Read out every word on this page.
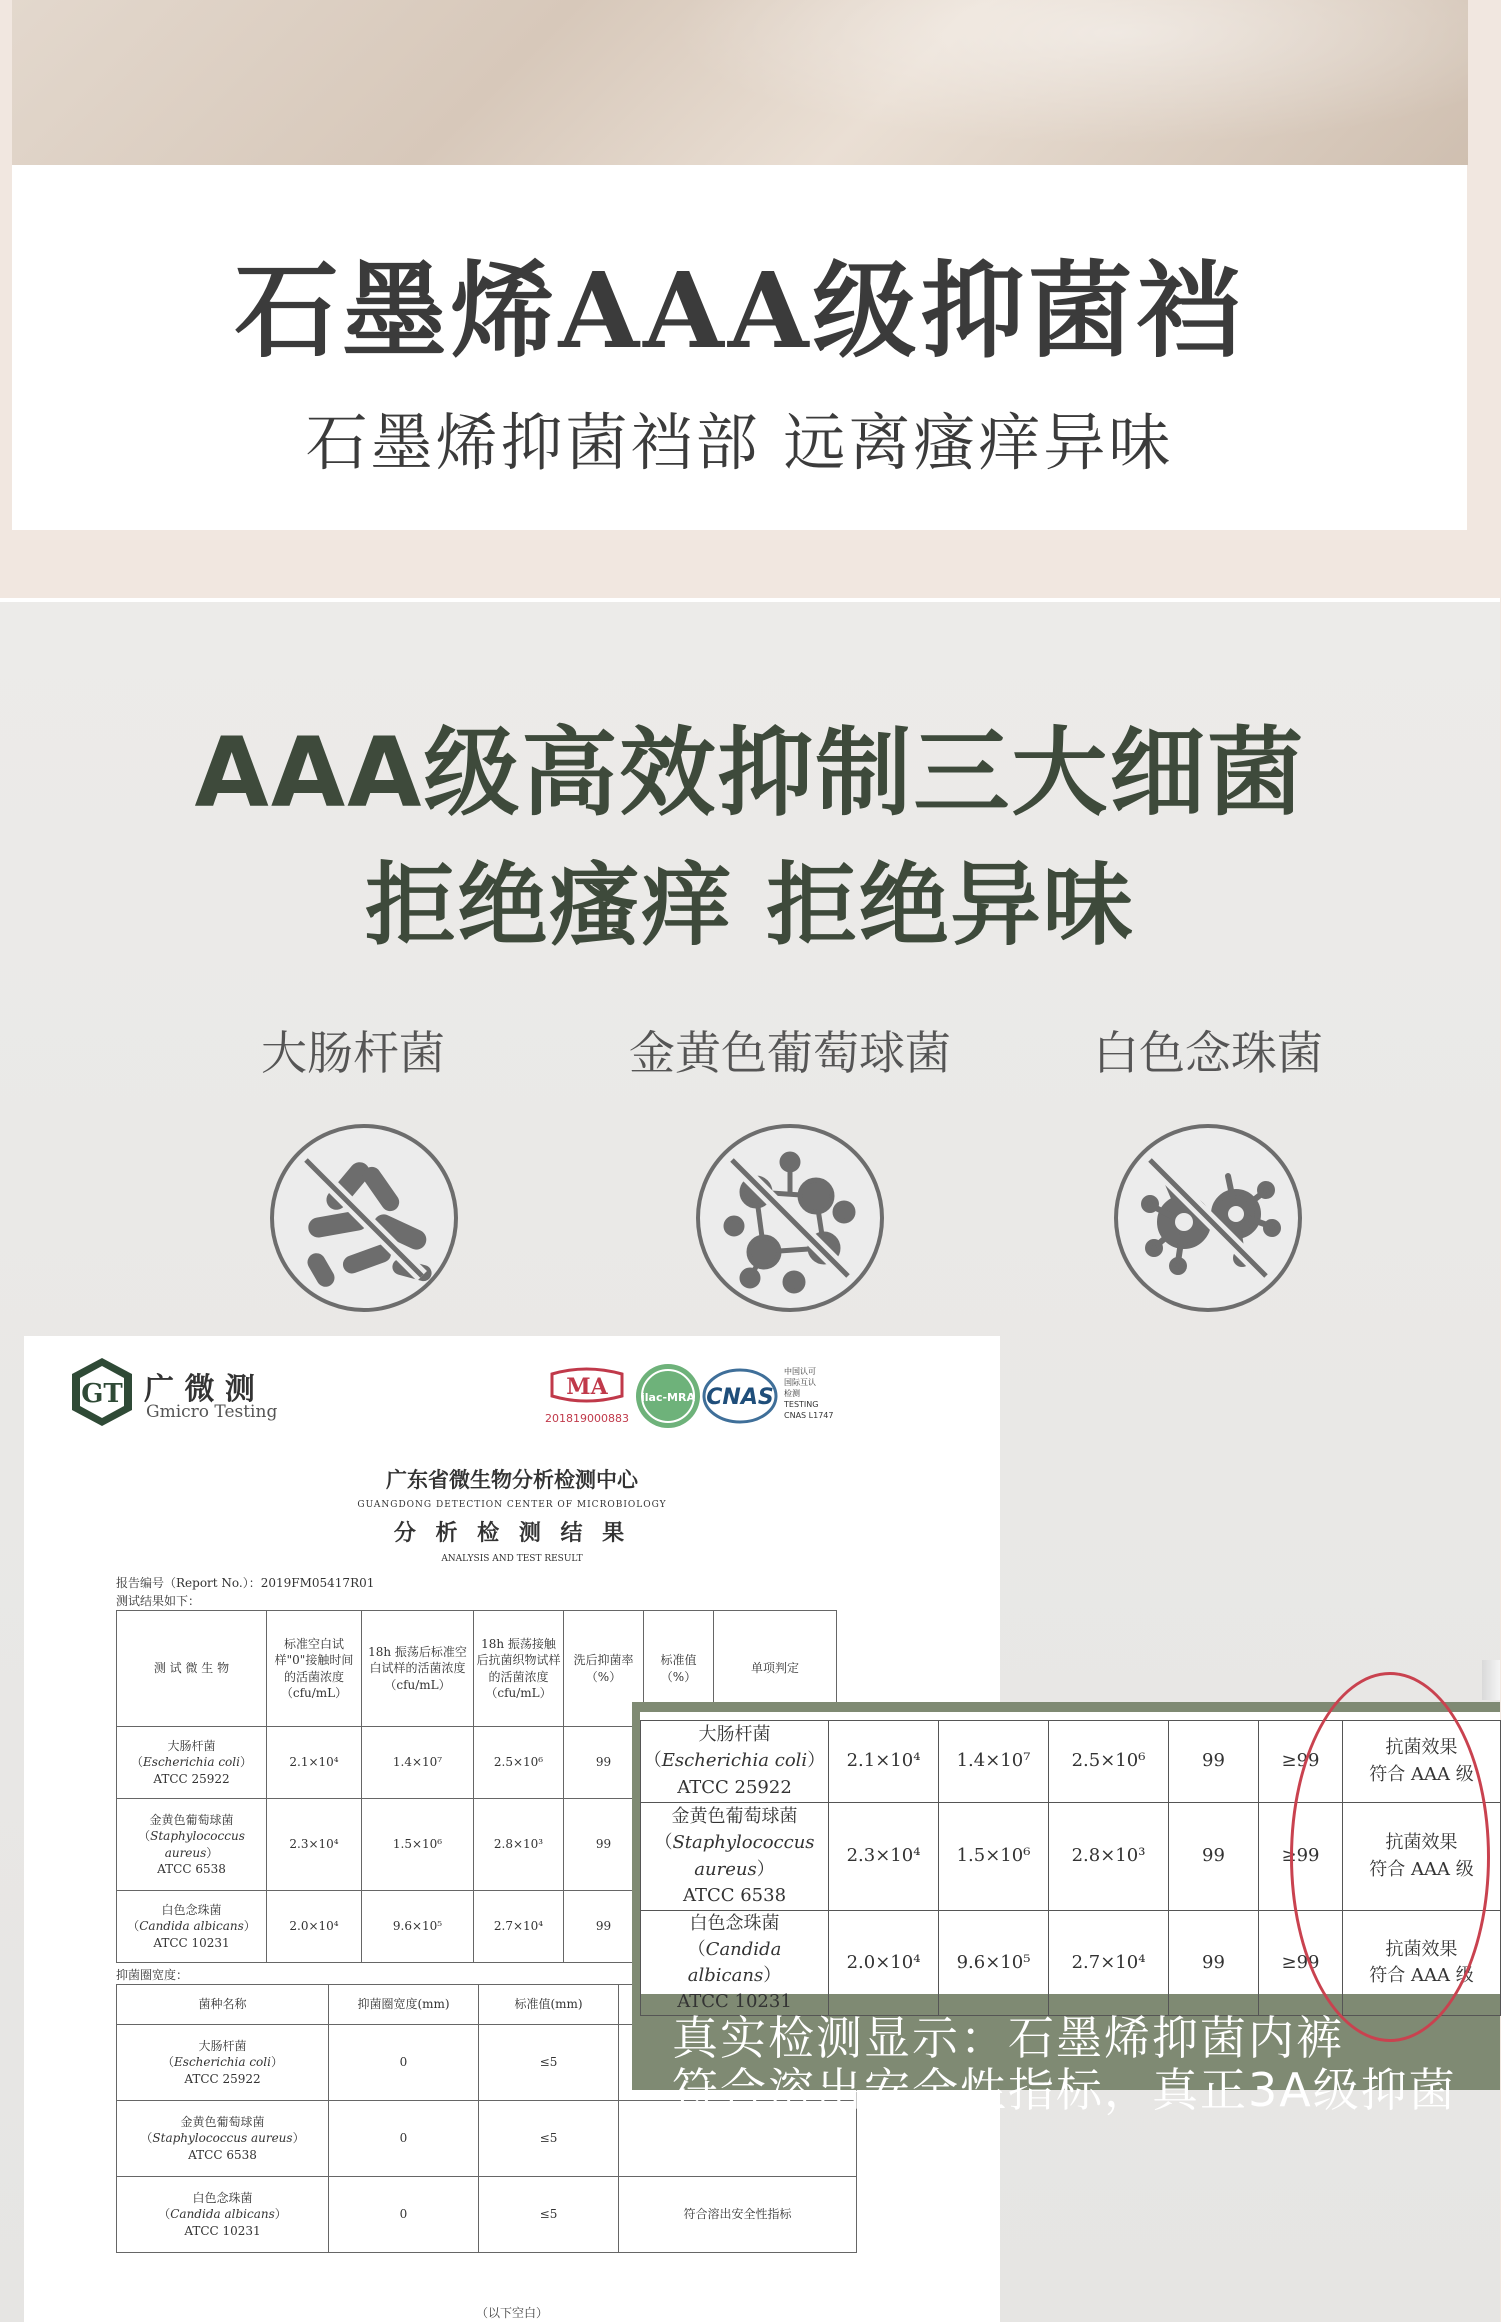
石墨烯AAA级抑菌裆
石墨烯抑菌裆部 远离瘙痒异味
AAA级高效抑制三大细菌
拒绝瘙痒 拒绝异味
大肠杆菌	金黄色葡萄球菌	白色念珠菌
GT 广 微 测
Gmicro Testing
MA
201819000883
ilac-MRA CNAS
中国认可
国际互认
检测
TESTING
CNAS L1747
广东省微生物分析检测中心
GUANGDONG DETECTION CENTER OF MICROBIOLOGY
分 析 检 测 结 果
ANALYSIS AND TEST RESULT
报告编号（Report No.）：2019FM05417R01
测试结果如下：
测 试 微 生 物	标准空白试样"0"接触时间的活菌浓度（cfu/mL）	18h 振荡后标准空白试样的活菌浓度（cfu/mL）	18h 振荡接触后抗菌织物试样的活菌浓度（cfu/mL）	洗后抑菌率（%）	标准值（%）	单项判定
大肠杆菌
（Escherichia coli）
ATCC 25922	2.1×10⁴	1.4×10⁷	2.5×10⁶	99		
金黄色葡萄球菌
（Staphylococcus aureus）
ATCC 6538	2.3×10⁴	1.5×10⁶	2.8×10³	99		
白色念珠菌
（Candida albicans）
ATCC 10231	2.0×10⁴	9.6×10⁵	2.7×10⁴	99		
抑菌圈宽度：
菌种名称	抑菌圈宽度(mm)	标准值(mm)	
大肠杆菌
（Escherichia coli）
ATCC 25922	0	≤5	
金黄色葡萄球菌
（Staphylococcus aureus）
ATCC 6538	0	≤5	
白色念珠菌
（Candida albicans）
ATCC 10231	0	≤5	符合溶出安全性指标
（以下空白）
大肠杆菌
（Escherichia coli）
ATCC 25922	2.1×10⁴	1.4×10⁷	2.5×10⁶	99	≥99	抗菌效果
符合 AAA 级
金黄色葡萄球菌
（Staphylococcus aureus）
ATCC 6538	2.3×10⁴	1.5×10⁶	2.8×10³	99	≥99	抗菌效果
符合 AAA 级
白色念珠菌
（Candida albicans）
ATCC 10231	2.0×10⁴	9.6×10⁵	2.7×10⁴	99	≥99	抗菌效果
符合 AAA 级
真实检测显示：石墨烯抑菌内裤
符合溶出安全性指标，真正3A级抑菌
